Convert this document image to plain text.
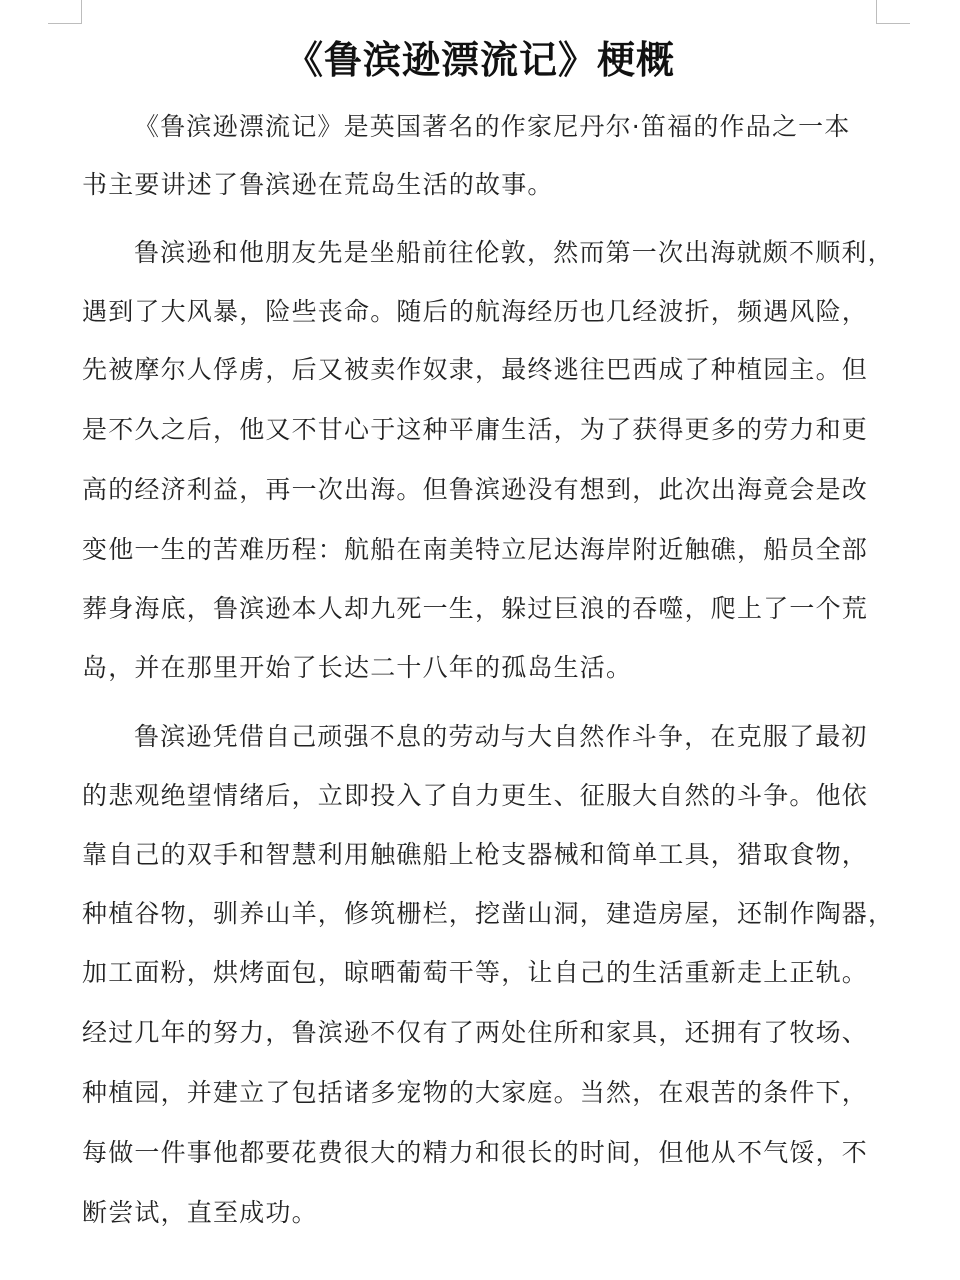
《鲁滨逊漂流记》梗概
《鲁滨逊漂流记》是英国著名的作家尼丹尔·笛福的作品之一本
书主要讲述了鲁滨逊在荒岛生活的故事。
鲁滨逊和他朋友先是坐船前往伦敦，然而第一次出海就颇不顺利，
遇到了大风暴，险些丧命。随后的航海经历也几经波折，频遇风险，
先被摩尔人俘虏，后又被卖作奴隶，最终逃往巴西成了种植园主。但
是不久之后，他又不甘心于这种平庸生活，为了获得更多的劳力和更
高的经济利益，再一次出海。但鲁滨逊没有想到，此次出海竟会是改
变他一生的苦难历程：航船在南美特立尼达海岸附近触礁，船员全部
葬身海底，鲁滨逊本人却九死一生，躲过巨浪的吞噬，爬上了一个荒
岛，并在那里开始了长达二十八年的孤岛生活。
鲁滨逊凭借自己顽强不息的劳动与大自然作斗争，在克服了最初
的悲观绝望情绪后，立即投入了自力更生、征服大自然的斗争。他依
靠自己的双手和智慧利用触礁船上枪支器械和简单工具，猎取食物，
种植谷物，驯养山羊，修筑栅栏，挖凿山洞，建造房屋，还制作陶器，
加工面粉，烘烤面包，晾晒葡萄干等，让自己的生活重新走上正轨。
经过几年的努力，鲁滨逊不仅有了两处住所和家具，还拥有了牧场、
种植园，并建立了包括诸多宠物的大家庭。当然，在艰苦的条件下，
每做一件事他都要花费很大的精力和很长的时间，但他从不气馁，不
断尝试，直至成功。
